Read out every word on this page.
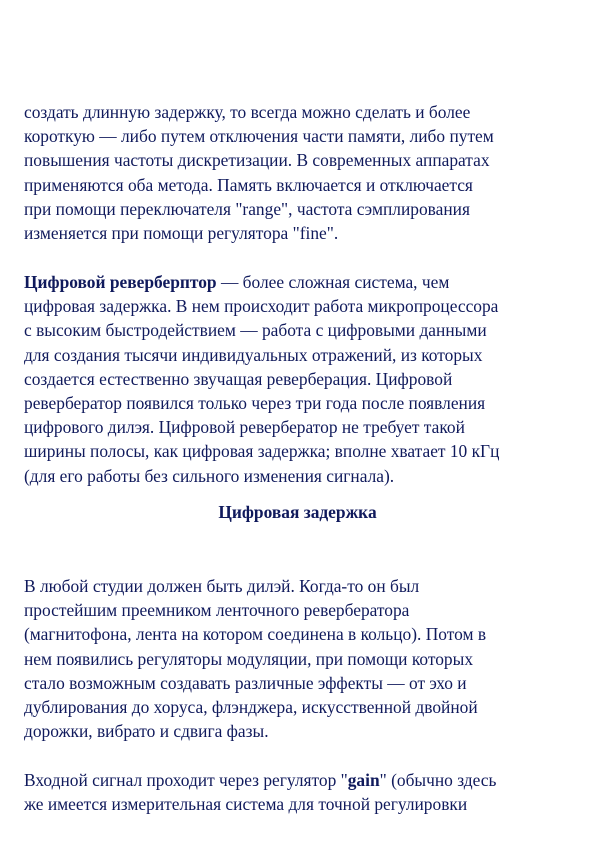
создать длинную задержку, то всегда можно сделать и более
короткую — либо путем отключения части памяти, либо путем
повышения частоты дискретизации. В современных аппаратах
применяются оба метода. Память включается и отключается
при помощи переключателя "range", частота сэмплирования
изменяется при помощи регулятора "fine".
Цифровой реверберптор — более сложная система, чем
цифровая задержка. В нем происходит работа микропроцессора
с высоким быстродействием — работа с цифровыми данными
для создания тысячи индивидуальных отражений, из которых
создается естественно звучащая реверберация. Цифровой
ревербератор появился только через три года после появления
цифрового дилэя. Цифровой ревербератор не требует такой
ширины полосы, как цифровая задержка; вполне хватает 10 кГц
(для его работы без сильного изменения сигнала).
Цифровая задержка
В любой студии должен быть дилэй. Когда-то он был
простейшим преемником ленточного ревербератора
(магнитофона, лента на котором соединена в кольцо). Потом в
нем появились регуляторы модуляции, при помощи которых
стало возможным создавать различные эффекты — от эхо и
дублирования до хоруса, флэнджера, искусственной двойной
дорожки, вибрато и сдвига фазы.
Входной сигнал проходит через регулятор "gain" (обычно здесь
же имеется измерительная система для точной регулировки
